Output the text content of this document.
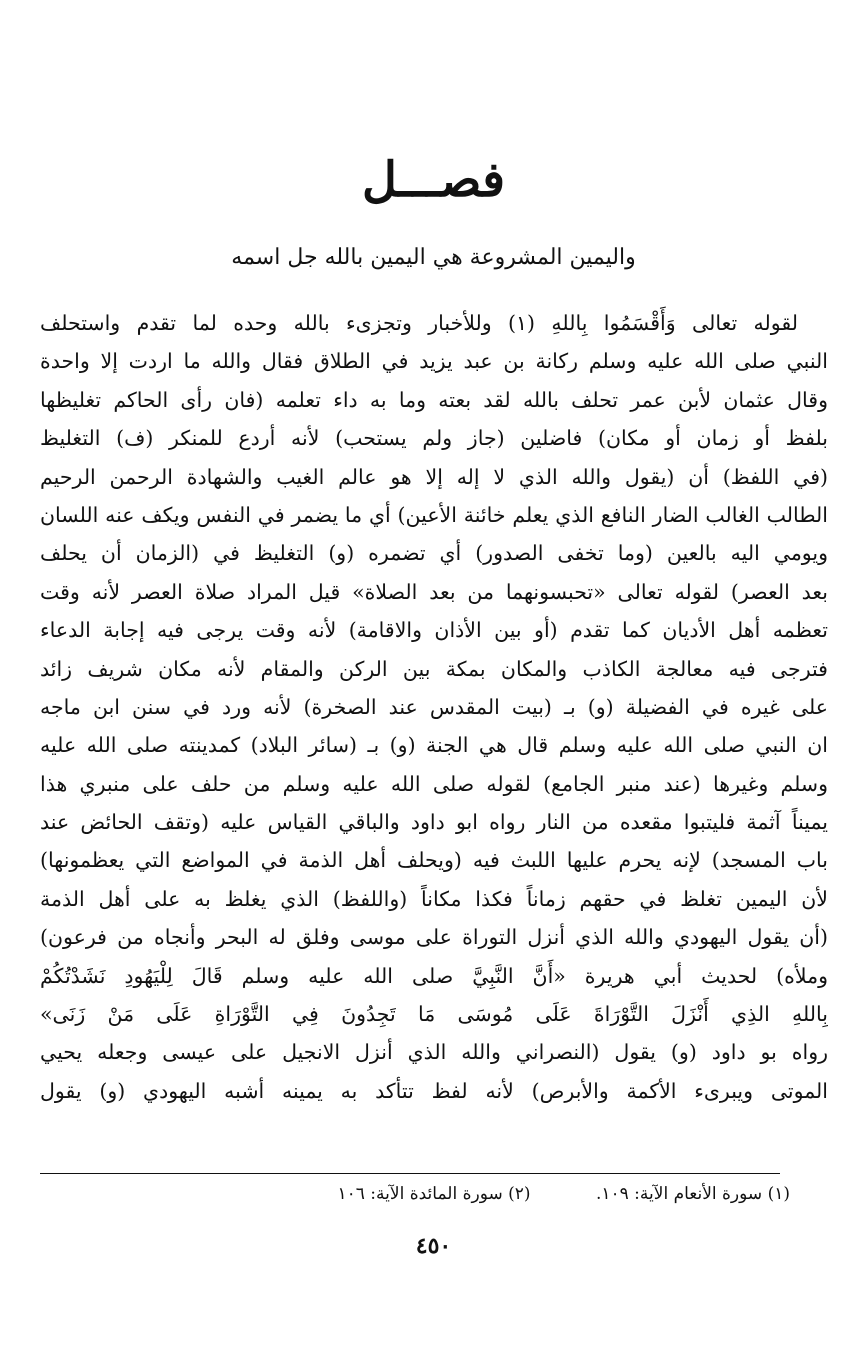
فصـــل
واليمين المشروعة هي اليمين بالله جل اسمه
لقوله تعالى وَأَقْسَمُوا بِاللهِ (١) وللأخبار وتجزىء بالله وحده لما تقدم واستحلف
النبي صلى الله عليه وسلم ركانة بن عبد يزيد في الطلاق فقال والله ما اردت إلا واحدة
وقال عثمان لأبن عمر تحلف بالله لقد بعته وما به داء تعلمه (فان رأى الحاكم تغليظها
بلفظ أو زمان أو مكان) فاضلين (جاز ولم يستحب) لأنه أردع للمنكر (ف) التغليظ
(في اللفظ) أن (يقول والله الذي لا إله إلا هو عالم الغيب والشهادة الرحمن الرحيم
الطالب الغالب الضار النافع الذي يعلم خائنة الأعين) أي ما يضمر في النفس ويكف عنه اللسان
ويومي اليه بالعين (وما تخفى الصدور) أي تضمره (و) التغليظ في (الزمان أن يحلف
بعد العصر) لقوله تعالى «تحبسونهما من بعد الصلاة» قيل المراد صلاة العصر لأنه وقت
تعظمه أهل الأديان كما تقدم (أو بين الأذان والاقامة) لأنه وقت يرجى فيه إجابة الدعاء
فترجى فيه معالجة الكاذب والمكان بمكة بين الركن والمقام لأنه مكان شريف زائد
على غيره في الفضيلة (و) بـ (بيت المقدس عند الصخرة) لأنه ورد في سنن ابن ماجه
ان النبي صلى الله عليه وسلم قال هي الجنة (و) بـ (سائر البلاد) كمدينته صلى الله عليه
وسلم وغيرها (عند منبر الجامع) لقوله صلى الله عليه وسلم من حلف على منبري هذا
يميناً آثمة فليتبوا مقعده من النار رواه ابو داود والباقي القياس عليه (وتقف الحائض عند
باب المسجد) لإنه يحرم عليها اللبث فيه (ويحلف أهل الذمة في المواضع التي يعظمونها)
لأن اليمين تغلظ في حقهم زماناً فكذا مكاناً (واللفظ) الذي يغلظ به على أهل الذمة
(أن يقول اليهودي والله الذي أنزل التوراة على موسى وفلق له البحر وأنجاه من فرعون)
وملأه) لحديث أبي هريرة «أَنَّ النَّبِيَّ صلى الله عليه وسلم قَالَ لِلْيَهُودِ نَشَدْتُكُمْ
بِاللهِ الذِي أَنْزَلَ التَّوْرَاةَ عَلَى مُوسَى مَا تَجِدُونَ فِي التَّوْرَاةِ عَلَى مَنْ زَنَى»
رواه بو داود (و) يقول (النصراني والله الذي أنزل الانجيل على عيسى وجعله يحيي
الموتى ويبرىء الأكمة والأبرص) لأنه لفظ تتأكد به يمينه أشبه اليهودي (و) يقول
(١) سورة الأنعام الآية: ١٠٩. (٢) سورة المائدة الآية: ١٠٦
٤٥٠
